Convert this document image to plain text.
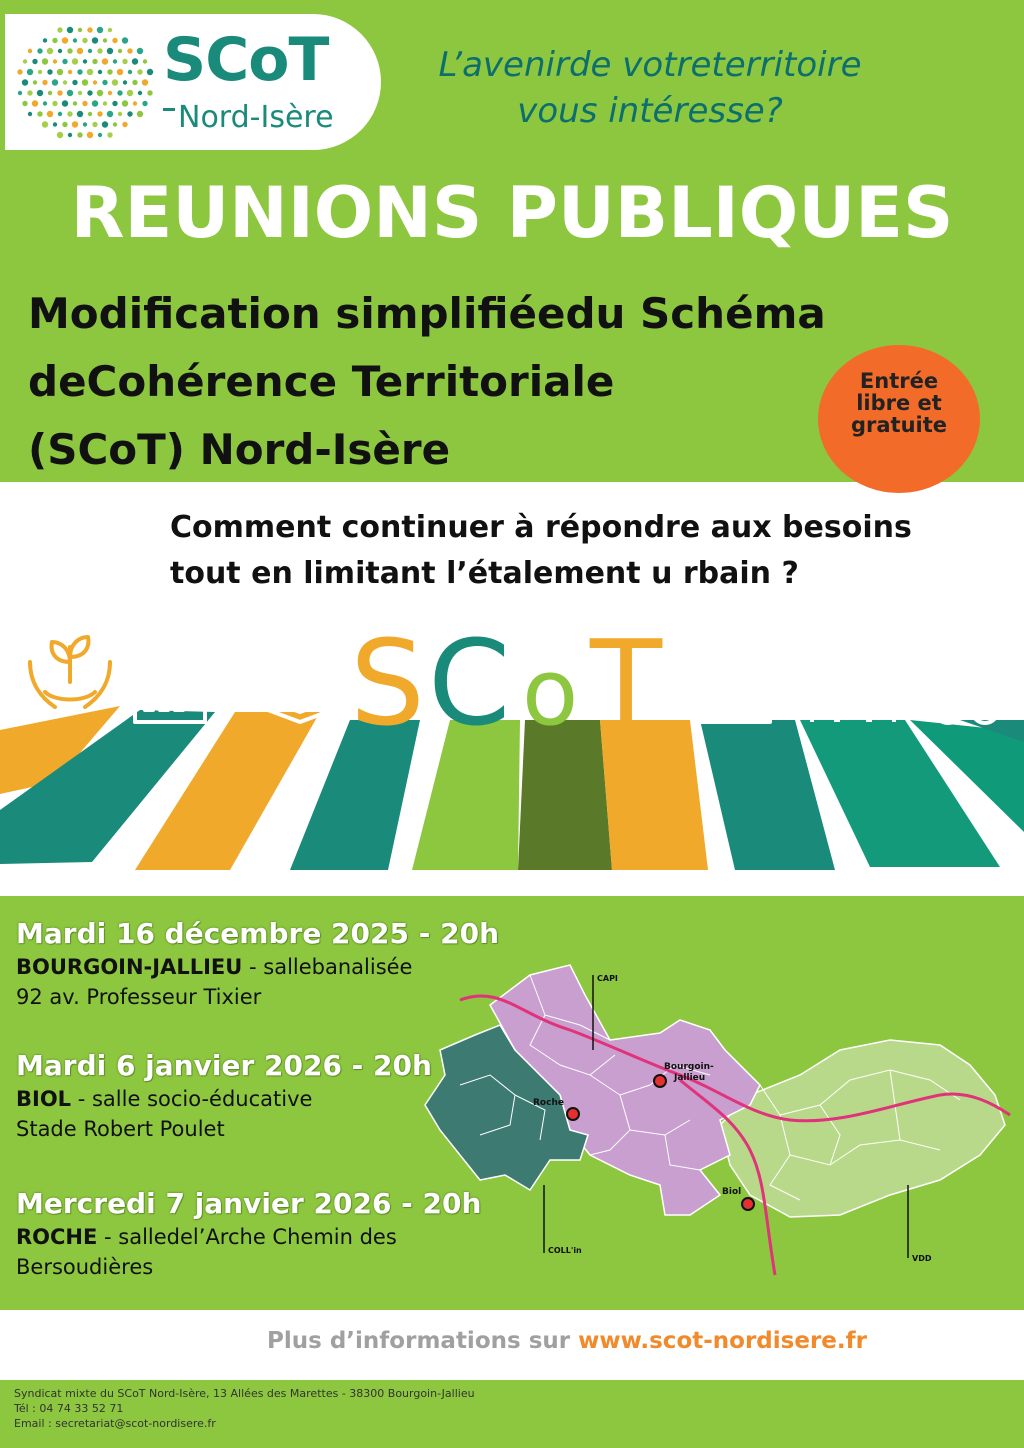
SCoT
Nord-Isère
L’avenirde votreterritoire
vous intéresse?
REUNIONS PUBLIQUES
Modification simplifiéedu Schéma
deCohérence Territoriale
(SCoT) Nord-Isère
Entrée
libre et
gratuite
Comment continuer à répondre aux besoins
tout en limitant l’étalement u rbain ?
S C o T
Mardi 16 décembre 2025 - 20h
BOURGOIN-JALLIEU - sallebanalisée
92 av. Professeur Tixier
Mardi 6 janvier 2026 - 20h
BIOL - salle socio-éducative
Stade Robert Poulet
Mercredi 7 janvier 2026 - 20h
ROCHE - salledel’Arche Chemin des
Bersoudières
CAPI
COLL'in
VDD
Bourgoin-
Jallieu
Roche
Biol
Plus d’informations sur www.scot-nordisere.fr
Syndicat mixte du SCoT Nord-Isère, 13 Allées des Marettes - 38300 Bourgoin-Jallieu
Tél : 04 74 33 52 71
Email : secretariat@scot-nordisere.fr
